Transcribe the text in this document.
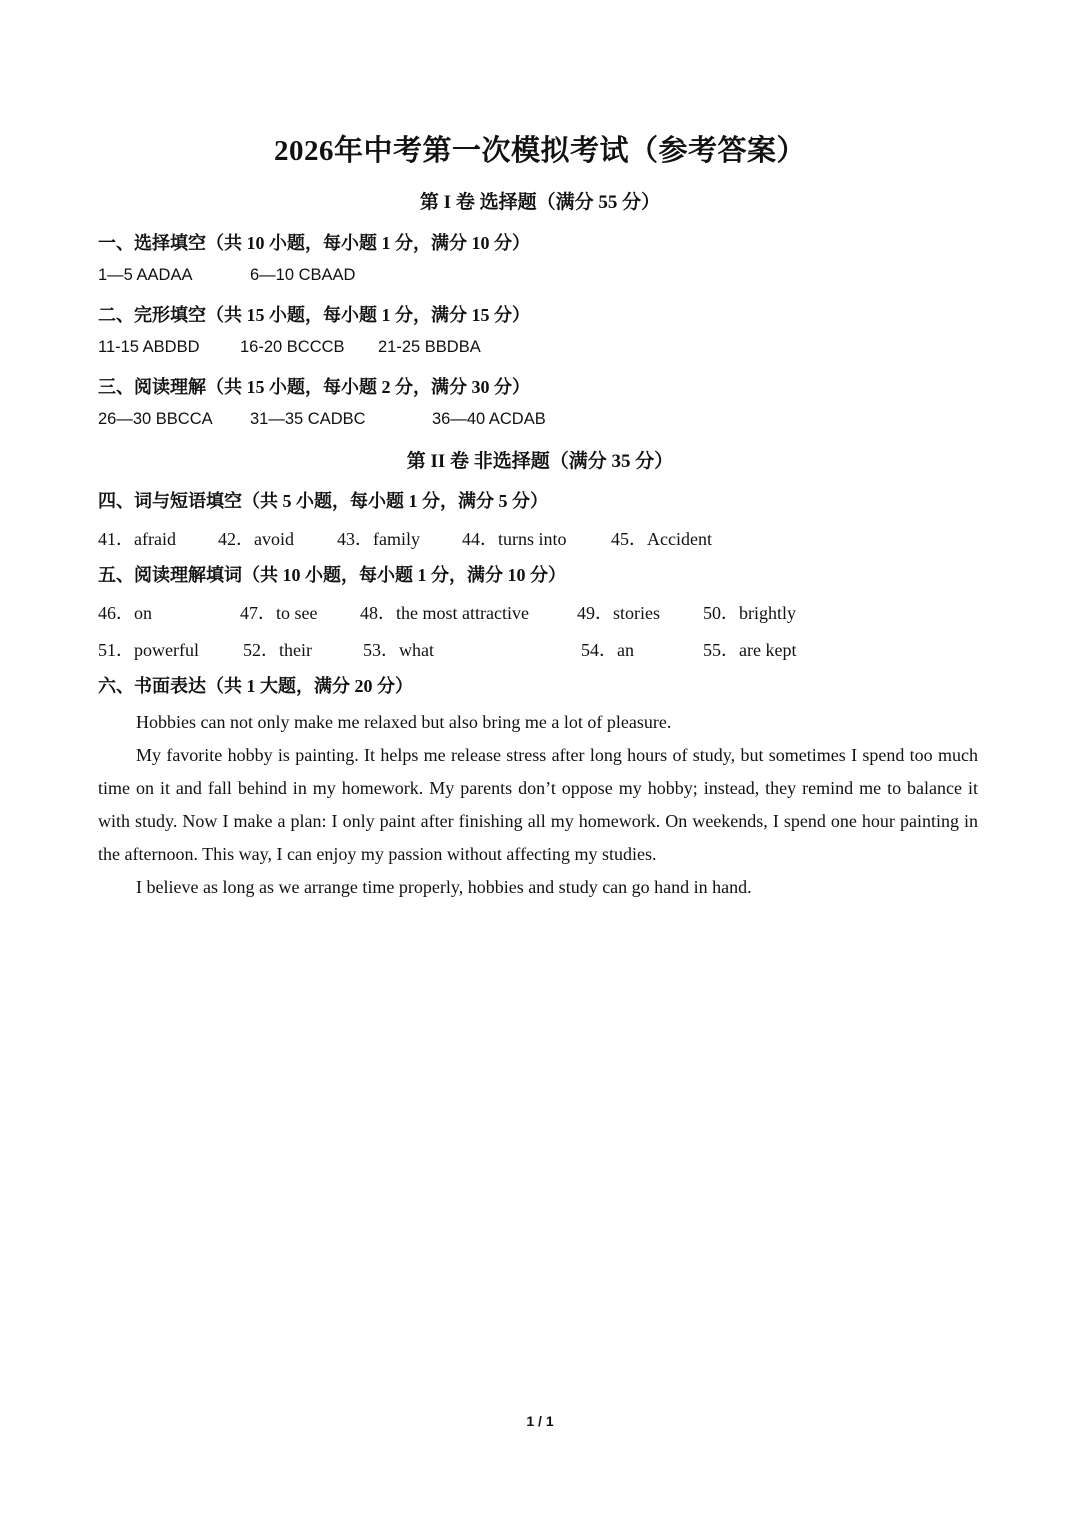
2026年中考第一次模拟考试（参考答案）
第 I 卷 选择题（满分 55 分）
一、选择填空（共 10 小题，每小题 1 分，满分 10 分）
1—5 AADAA	6—10 CBAAD
二、完形填空（共 15 小题，每小题 1 分，满分 15 分）
11-15 ABDBD 16-20 BCCCB 21-25 BBDBA
三、阅读理解（共 15 小题，每小题 2 分，满分 30 分）
26—30 BBCCA 31—35 CADBC	36—40 ACDAB
第 II 卷 非选择题（满分 35 分）
四、词与短语填空（共 5 小题，每小题 1 分，满分 5 分）
41．afraid 42．avoid 43．family 44．turns into 45．Accident
五、阅读理解填词（共 10 小题，每小题 1 分，满分 10 分）
46．on	47．to see 48．the most attractive	49．stories 50．brightly
51．powerful 52．their	53．what	54．an	55．are kept
六、书面表达（共 1 大题，满分 20 分）

Hobbies can not only make me relaxed but also bring me a lot of pleasure.

My favorite hobby is painting. It helps me release stress after long hours of study, but sometimes I spend too much time on it and fall behind in my homework. My parents don’t oppose my hobby; instead, they remind me to balance it with study. Now I make a plan: I only paint after finishing all my homework. On weekends, I spend one hour painting in the afternoon. This way, I can enjoy my passion without affecting my studies.

I believe as long as we arrange time properly, hobbies and study can go hand in hand.

1 / 1
